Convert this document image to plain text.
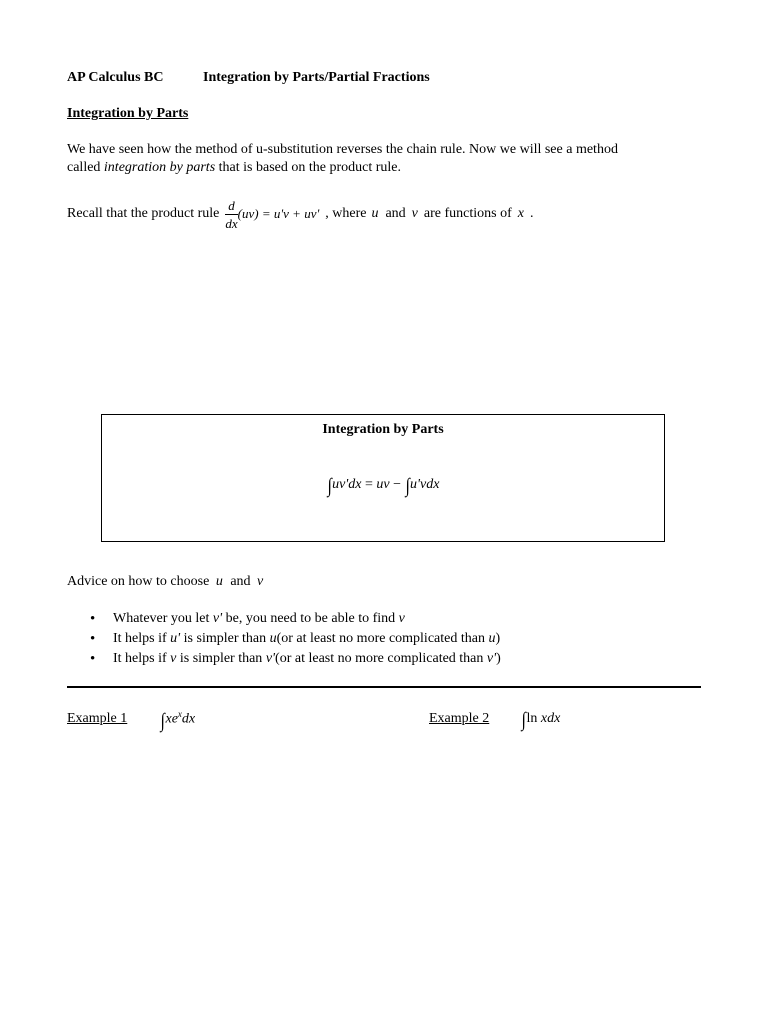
AP Calculus BC	Integration by Parts/Partial Fractions
Integration by Parts
We have seen how the method of u-substitution reverses the chain rule. Now we will see a method
called integration by parts that is based on the product rule.
Recall that the product rule $\frac{d}{dx} (uv) = u'v + uv'$ , where u and v are functions of x .
Integration by Parts
∫uv'dx = uv − ∫u'vdx
Advice on how to choose u and v
• Whatever you let v' be, you need to be able to find v
• It helps if u' is simpler than u(or at least no more complicated than u)
• It helps if v is simpler than v'(or at least no more complicated than v')
Example 1 $\int xe^xdx$	Example 2 ∫ln xdx
